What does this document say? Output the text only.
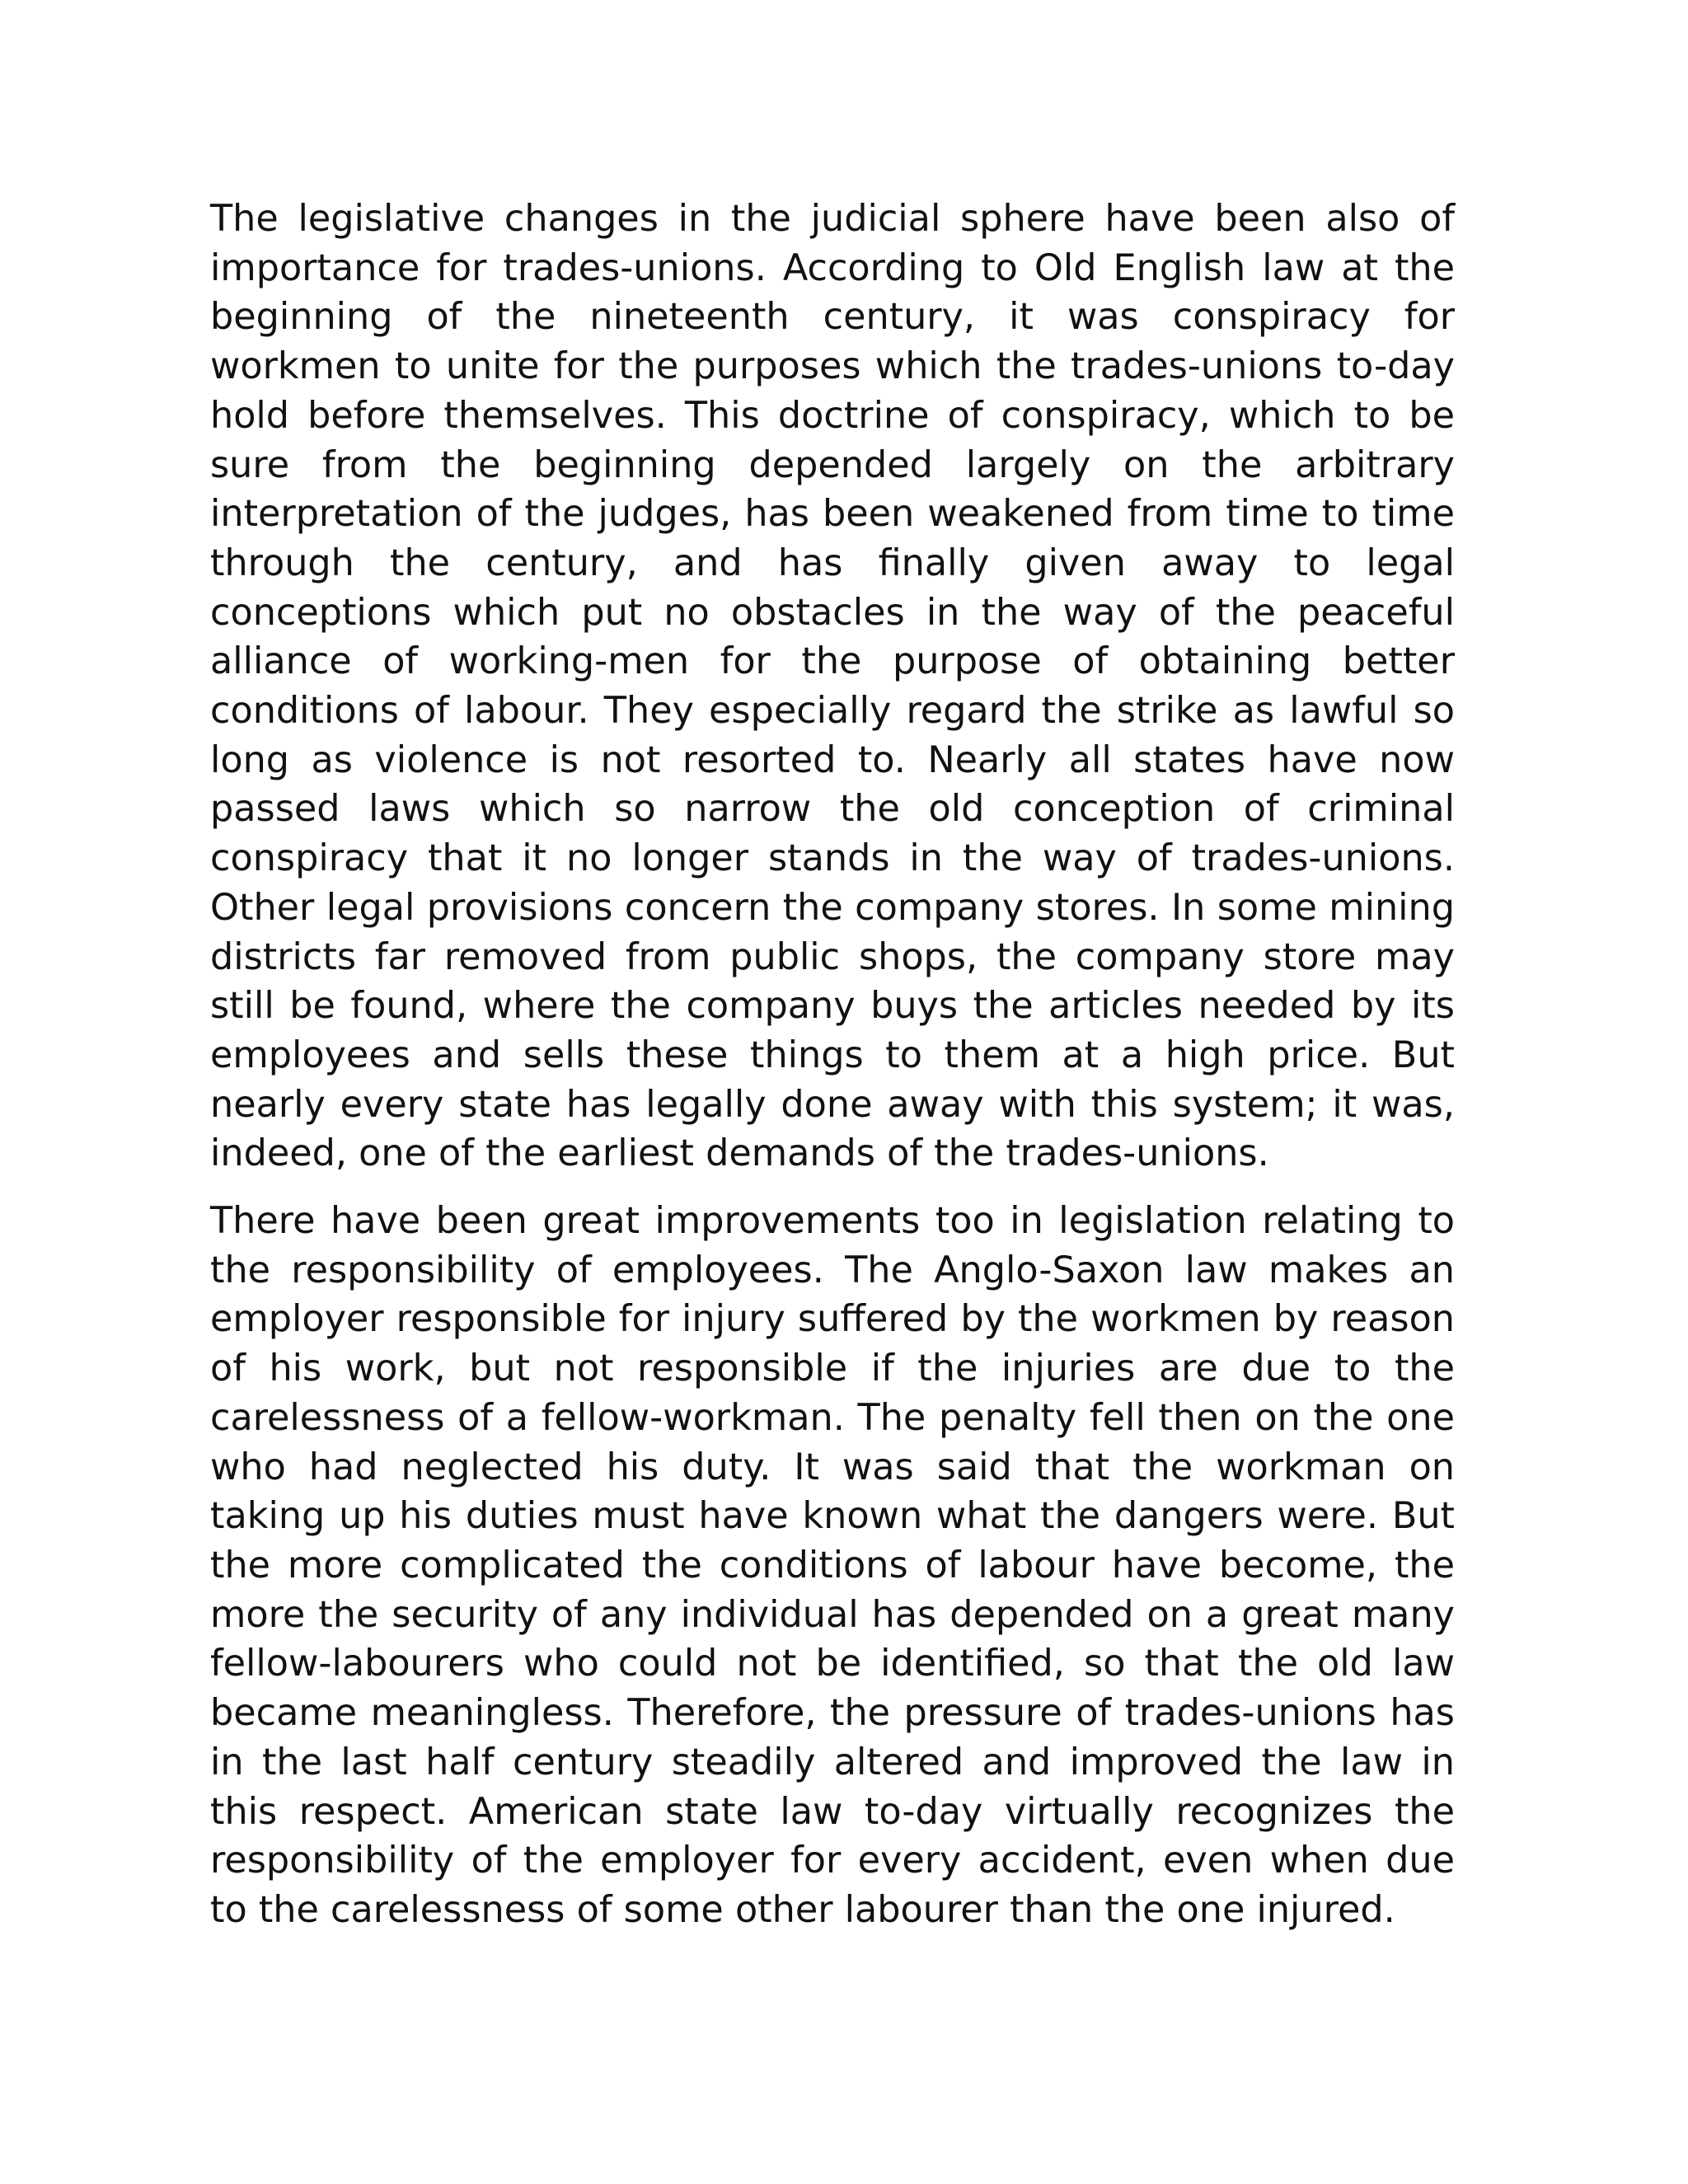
The legislative changes in the judicial sphere have been also of importance for trades-unions. According to Old English law at the beginning of the nineteenth century, it was conspiracy for workmen to unite for the purposes which the trades-unions to-day hold before themselves. This doctrine of conspiracy, which to be sure from the beginning depended largely on the arbitrary interpretation of the judges, has been weakened from time to time through the century, and has finally given away to legal conceptions which put no obstacles in the way of the peaceful alliance of working-men for the purpose of obtaining better conditions of labour. They especially regard the strike as lawful so long as violence is not resorted to. Nearly all states have now passed laws which so narrow the old conception of criminal conspiracy that it no longer stands in the way of trades-unions. Other legal provisions concern the company stores. In some mining districts far removed from public shops, the company store may still be found, where the company buys the articles needed by its employees and sells these things to them at a high price. But nearly every state has legally done away with this system; it was, indeed, one of the earliest demands of the trades-unions.

There have been great improvements too in legislation relating to the responsibility of employees. The Anglo-Saxon law makes an employer responsible for injury suffered by the workmen by reason of his work, but not responsible if the injuries are due to the carelessness of a fellow-workman. The penalty fell then on the one who had neglected his duty. It was said that the workman on taking up his duties must have known what the dangers were. But the more complicated the conditions of labour have become, the more the security of any individual has depended on a great many fellow-labourers who could not be identified, so that the old law became meaningless. Therefore, the pressure of trades-unions has in the last half century steadily altered and improved the law in this respect. American state law to-day virtually recognizes the responsibility of the employer for every accident, even when due to the carelessness of some other labourer than the one injured.
